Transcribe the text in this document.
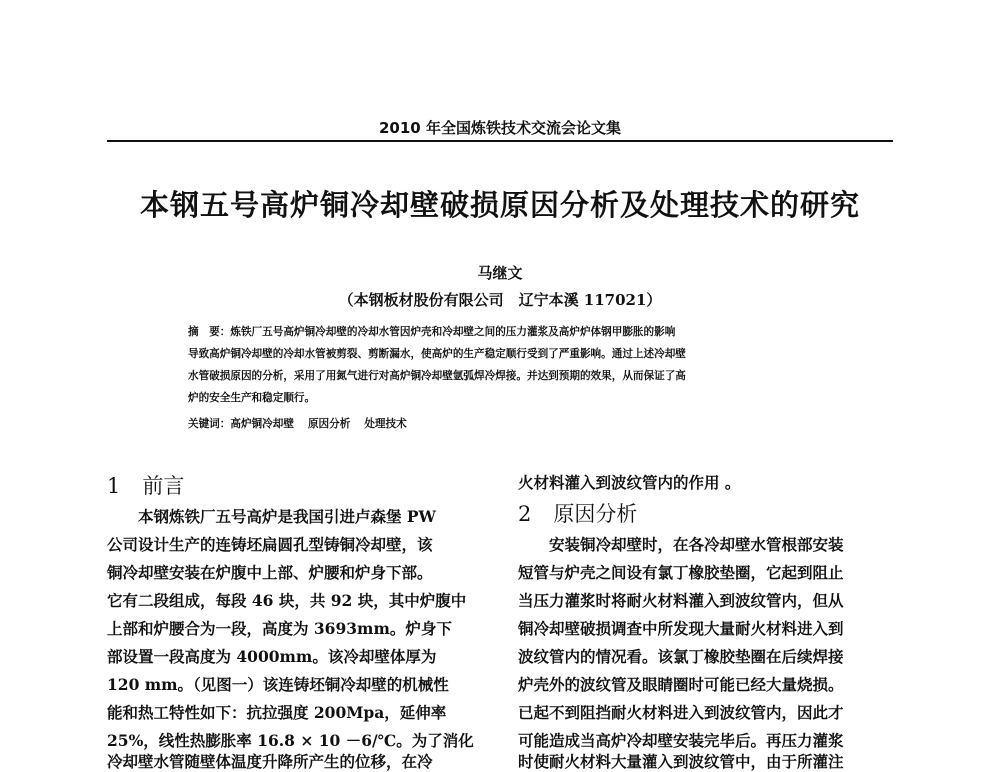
2010 年全国炼铁技术交流会论文集
本钢五号高炉铜冷却壁破损原因分析及处理技术的研究
马继文
（本钢板材股份有限公司　辽宁本溪 117021）
摘　要：炼铁厂五号高炉铜冷却壁的冷却水管因炉壳和冷却壁之间的压力灌浆及高炉炉体钢甲膨胀的影响
导致高炉铜冷却壁的冷却水管被剪裂、剪断漏水，使高炉的生产稳定顺行受到了严重影响。通过上述冷却壁
水管破损原因的分析，采用了用氮气进行对高炉铜冷却壁氩弧焊冷焊接。并达到预期的效果，从而保证了高
炉的安全生产和稳定顺行。
关键词：高炉铜冷却壁 原因分析 处理技术
1 前言
　　本钢炼铁厂五号高炉是我国引进卢森堡 PW
公司设计生产的连铸坯扁圆孔型铸铜冷却壁，该
铜冷却壁安装在炉腹中上部、炉腰和炉身下部。
它有二段组成，每段 46 块，共 92 块，其中炉腹中
上部和炉腰合为一段，高度为 3693mm。炉身下
部设置一段高度为 4000mm。该冷却壁体厚为
120 mm。（见图一）该连铸坯铜冷却壁的机械性
能和热工特性如下：抗拉强度 200Mpa，延伸率
25%，线性热膨胀率 16.8 × 10 －6/℃。为了消化
冷却壁水管随壁体温度升降所产生的位移，在冷
火材料灌入到波纹管内的作用 。
2 原因分析
　　安装铜冷却壁时，在各冷却壁水管根部安装
短管与炉壳之间设有氯丁橡胶垫圈，它起到阻止
当压力灌浆时将耐火材料灌入到波纹管内，但从
铜冷却壁破损调查中所发现大量耐火材料进入到
波纹管内的情况看。该氯丁橡胶垫圈在后续焊接
炉壳外的波纹管及眼睛圈时可能已经大量烧损。
已起不到阻挡耐火材料进入到波纹管内，因此才
可能造成当高炉冷却壁安装完毕后。再压力灌浆
时使耐火材料大量灌入到波纹管中，由于所灌注
